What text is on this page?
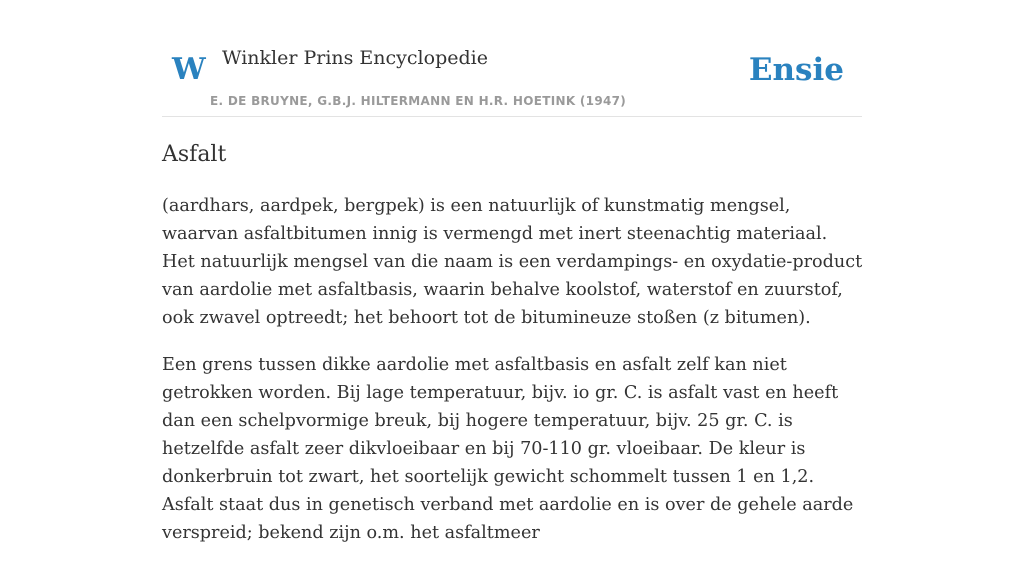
W Winkler Prins Encyclopedie
E. DE BRUYNE, G.B.J. HILTERMANN EN H.R. HOETINK (1947)
Ensie
Asfalt

(aardhars, aardpek, bergpek) is een natuurlijk of kunstmatig mengsel, waarvan asfaltbitumen innig is vermengd met inert steenachtig materiaal. Het natuurlijk mengsel van die naam is een verdampings- en oxydatie-product van aardolie met asfaltbasis, waarin behalve koolstof, waterstof en zuurstof, ook zwavel optreedt; het behoort tot de bitumineuze stoßen (z bitumen).

Een grens tussen dikke aardolie met asfaltbasis en asfalt zelf kan niet getrokken worden. Bij lage temperatuur, bijv. io gr. C. is asfalt vast en heeft dan een schelpvormige breuk, bij hogere temperatuur, bijv. 25 gr. C. is hetzelfde asfalt zeer dikvloeibaar en bij 70-110 gr. vloeibaar. De kleur is donkerbruin tot zwart, het soortelijk gewicht schommelt tussen 1 en 1,2. Asfalt staat dus in genetisch verband met aardolie en is over de gehele aarde verspreid; bekend zijn o.m. het asfaltmeer
